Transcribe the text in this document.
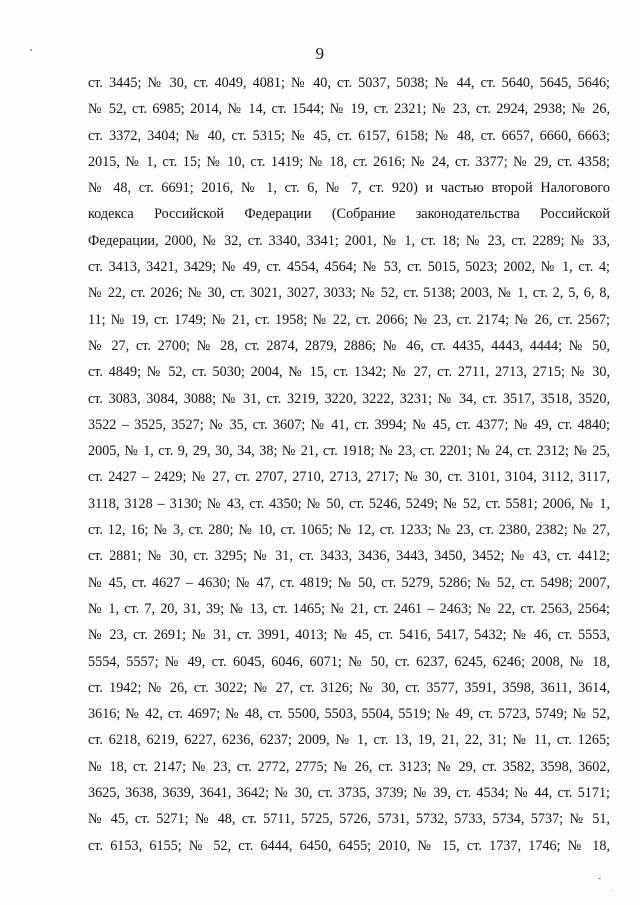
9
ст. 3445; № 30, ст. 4049, 4081; № 40, ст. 5037, 5038; № 44, ст. 5640, 5645, 5646;
№ 52, ст. 6985; 2014, № 14, ст. 1544; № 19, ст. 2321; № 23, ст. 2924, 2938; № 26,
ст. 3372, 3404; № 40, ст. 5315; № 45, ст. 6157, 6158; № 48, ст. 6657, 6660, 6663;
2015, № 1, ст. 15; № 10, ст. 1419; № 18, ст. 2616; № 24, ст. 3377; № 29, ст. 4358;
№ 48, ст. 6691; 2016, № 1, ст. 6, № 7, ст. 920) и частью второй Налогового
кодекса Российской Федерации (Собрание законодательства Российской
Федерации, 2000, № 32, ст. 3340, 3341; 2001, № 1, ст. 18; № 23, ст. 2289; № 33,
ст. 3413, 3421, 3429; № 49, ст. 4554, 4564; № 53, ст. 5015, 5023; 2002, № 1, ст. 4;
№ 22, ст. 2026; № 30, ст. 3021, 3027, 3033; № 52, ст. 5138; 2003, № 1, ст. 2, 5, 6, 8,
11; № 19, ст. 1749; № 21, ст. 1958; № 22, ст. 2066; № 23, ст. 2174; № 26, ст. 2567;
№ 27, ст. 2700; № 28, ст. 2874, 2879, 2886; № 46, ст. 4435, 4443, 4444; № 50,
ст. 4849; № 52, ст. 5030; 2004, № 15, ст. 1342; № 27, ст. 2711, 2713, 2715; № 30,
ст. 3083, 3084, 3088; № 31, ст. 3219, 3220, 3222, 3231; № 34, ст. 3517, 3518, 3520,
3522 – 3525, 3527; № 35, ст. 3607; № 41, ст. 3994; № 45, ст. 4377; № 49, ст. 4840;
2005, № 1, ст. 9, 29, 30, 34, 38; № 21, ст. 1918; № 23, ст. 2201; № 24, ст. 2312; № 25,
ст. 2427 – 2429; № 27, ст. 2707, 2710, 2713, 2717; № 30, ст. 3101, 3104, 3112, 3117,
3118, 3128 – 3130; № 43, ст. 4350; № 50, ст. 5246, 5249; № 52, ст. 5581; 2006, № 1,
ст. 12, 16; № 3, ст. 280; № 10, ст. 1065; № 12, ст. 1233; № 23, ст. 2380, 2382; № 27,
ст. 2881; № 30, ст. 3295; № 31, ст. 3433, 3436, 3443, 3450, 3452; № 43, ст. 4412;
№ 45, ст. 4627 – 4630; № 47, ст. 4819; № 50, ст. 5279, 5286; № 52, ст. 5498; 2007,
№ 1, ст. 7, 20, 31, 39; № 13, ст. 1465; № 21, ст. 2461 – 2463; № 22, ст. 2563, 2564;
№ 23, ст. 2691; № 31, ст. 3991, 4013; № 45, ст. 5416, 5417, 5432; № 46, ст. 5553,
5554, 5557; № 49, ст. 6045, 6046, 6071; № 50, ст. 6237, 6245, 6246; 2008, № 18,
ст. 1942; № 26, ст. 3022; № 27, ст. 3126; № 30, ст. 3577, 3591, 3598, 3611, 3614,
3616; № 42, ст. 4697; № 48, ст. 5500, 5503, 5504, 5519; № 49, ст. 5723, 5749; № 52,
ст. 6218, 6219, 6227, 6236, 6237; 2009, № 1, ст. 13, 19, 21, 22, 31; № 11, ст. 1265;
№ 18, ст. 2147; № 23, ст. 2772, 2775; № 26, ст. 3123; № 29, ст. 3582, 3598, 3602,
3625, 3638, 3639, 3641, 3642; № 30, ст. 3735, 3739; № 39, ст. 4534; № 44, ст. 5171;
№ 45, ст. 5271; № 48, ст. 5711, 5725, 5726, 5731, 5732, 5733, 5734, 5737; № 51,
ст. 6153, 6155; № 52, ст. 6444, 6450, 6455; 2010, № 15, ст. 1737, 1746; № 18,
